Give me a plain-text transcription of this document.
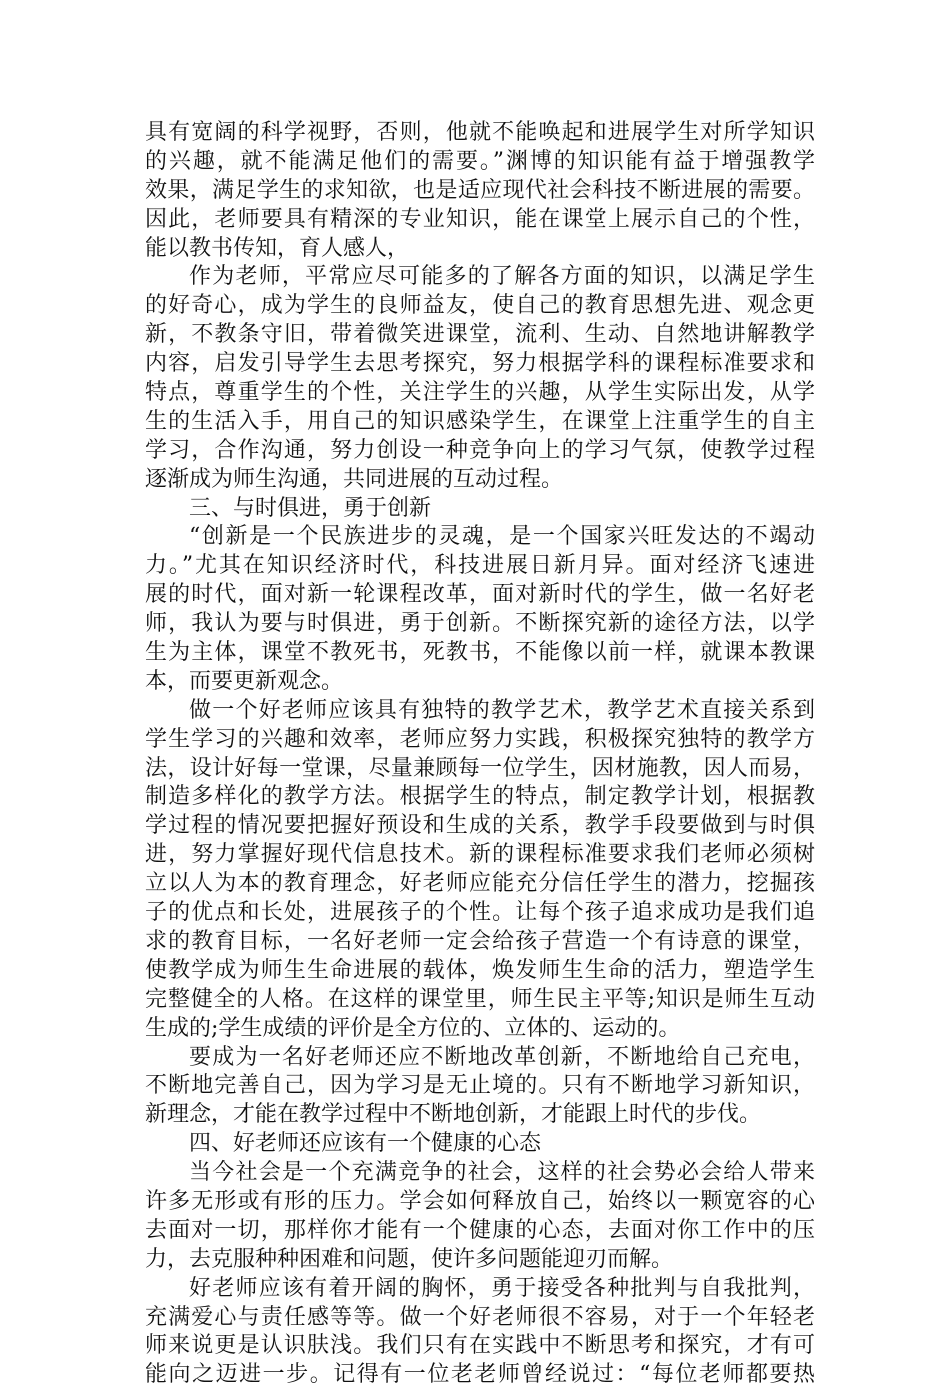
具有宽阔的科学视野，否则，他就不能唤起和进展学生对所学知识
的兴趣，就不能满足他们的需要。”渊博的知识能有益于增强教学
效果，满足学生的求知欲，也是适应现代社会科技不断进展的需要。
因此，老师要具有精深的专业知识，能在课堂上展示自己的个性，
能以教书传知，育人感人，
作为老师，平常应尽可能多的了解各方面的知识，以满足学生
的好奇心，成为学生的良师益友，使自己的教育思想先进、观念更
新，不教条守旧，带着微笑进课堂，流利、生动、自然地讲解教学
内容，启发引导学生去思考探究，努力根据学科的课程标准要求和
特点，尊重学生的个性，关注学生的兴趣，从学生实际出发，从学
生的生活入手，用自己的知识感染学生，在课堂上注重学生的自主
学习，合作沟通，努力创设一种竞争向上的学习气氛，使教学过程
逐渐成为师生沟通，共同进展的互动过程。
三、与时俱进，勇于创新
“创新是一个民族进步的灵魂，是一个国家兴旺发达的不竭动
力。”尤其在知识经济时代，科技进展日新月异。面对经济飞速进
展的时代，面对新一轮课程改革，面对新时代的学生，做一名好老
师，我认为要与时俱进，勇于创新。不断探究新的途径方法，以学
生为主体，课堂不教死书，死教书，不能像以前一样，就课本教课
本，而要更新观念。
做一个好老师应该具有独特的教学艺术，教学艺术直接关系到
学生学习的兴趣和效率，老师应努力实践，积极探究独特的教学方
法，设计好每一堂课，尽量兼顾每一位学生，因材施教，因人而易，
制造多样化的教学方法。根据学生的特点，制定教学计划，根据教
学过程的情况要把握好预设和生成的关系，教学手段要做到与时俱
进，努力掌握好现代信息技术。新的课程标准要求我们老师必须树
立以人为本的教育理念，好老师应能充分信任学生的潜力，挖掘孩
子的优点和长处，进展孩子的个性。让每个孩子追求成功是我们追
求的教育目标，一名好老师一定会给孩子营造一个有诗意的课堂，
使教学成为师生生命进展的载体，焕发师生生命的活力，塑造学生
完整健全的人格。在这样的课堂里，师生民主平等;知识是师生互动
生成的;学生成绩的评价是全方位的、立体的、运动的。
要成为一名好老师还应不断地改革创新，不断地给自己充电，
不断地完善自己，因为学习是无止境的。只有不断地学习新知识，
新理念，才能在教学过程中不断地创新，才能跟上时代的步伐。
四、好老师还应该有一个健康的心态
当今社会是一个充满竞争的社会，这样的社会势必会给人带来
许多无形或有形的压力。学会如何释放自己，始终以一颗宽容的心
去面对一切，那样你才能有一个健康的心态，去面对你工作中的压
力，去克服种种困难和问题，使许多问题能迎刃而解。
好老师应该有着开阔的胸怀，勇于接受各种批判与自我批判，
充满爱心与责任感等等。做一个好老师很不容易，对于一个年轻老
师来说更是认识肤浅。我们只有在实践中不断思考和探究，才有可
能向之迈进一步。记得有一位老老师曾经说过：“每位老师都要热
